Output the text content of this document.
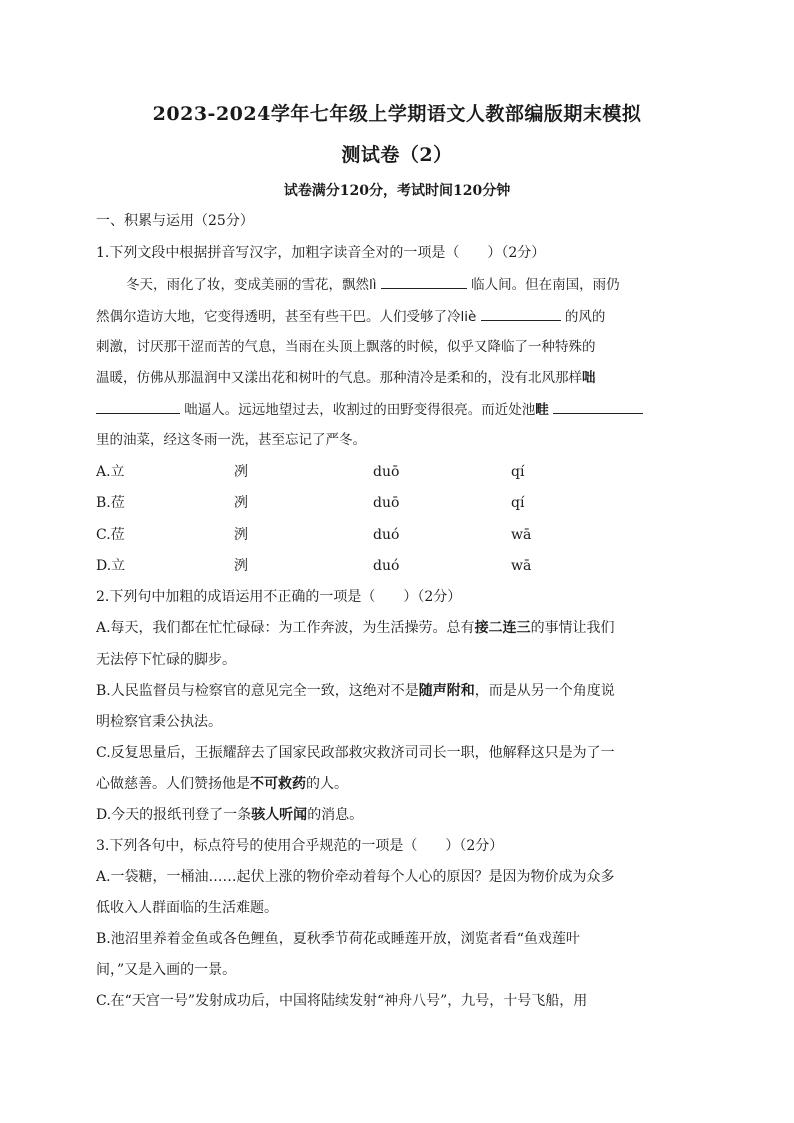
2023-2024学年七年级上学期语文人教部编版期末模拟
测试卷（2）
试卷满分120分，考试时间120分钟
一、积累与运用（25分）
1.下列文段中根据拼音写汉字，加粗字读音全对的一项是（　　）（2分）
冬天，雨化了妆，变成美丽的雪花，飘然lì	临人间。但在南国，雨仍
然偶尔造访大地，它变得透明，甚至有些干巴。人们受够了冷liè	的风的
刺激，讨厌那干涩而苦的气息，当雨在头顶上飘落的时候，似乎又降临了一种特殊的
温暖，仿佛从那温润中又漾出花和树叶的气息。那种清冷是柔和的，没有北风那样咄
咄逼人。远远地望过去，收割过的田野变得很亮。而近处池畦
里的油菜，经这冬雨一洗，甚至忘记了严冬。
A.立	冽	duō	qí
B.莅	冽	duō	qí
C.莅	洌	duó	wā
D.立	洌	duó	wā
2.下列句中加粗的成语运用不正确的一项是（　　）（2分）
A.每天，我们都在忙忙碌碌：为工作奔波，为生活操劳。总有接二连三的事情让我们
无法停下忙碌的脚步。
B.人民监督员与检察官的意见完全一致，这绝对不是随声附和，而是从另一个角度说
明检察官秉公执法。
C.反复思量后，王振耀辞去了国家民政部救灾救济司司长一职，他解释这只是为了一
心做慈善。人们赞扬他是不可救药的人。
D.今天的报纸刊登了一条骇人听闻的消息。
3.下列各句中，标点符号的使用合乎规范的一项是（　　）（2分）
A.一袋糖，一桶油……起伏上涨的物价牵动着每个人心的原因？是因为物价成为众多
低收入人群面临的生活难题。
B.池沼里养着金鱼或各色鲤鱼，夏秋季节荷花或睡莲开放，浏览者看“鱼戏莲叶
间，”又是入画的一景。
C.在“天宫一号”发射成功后，中国将陆续发射“神舟八号”，九号，十号飞船，用
